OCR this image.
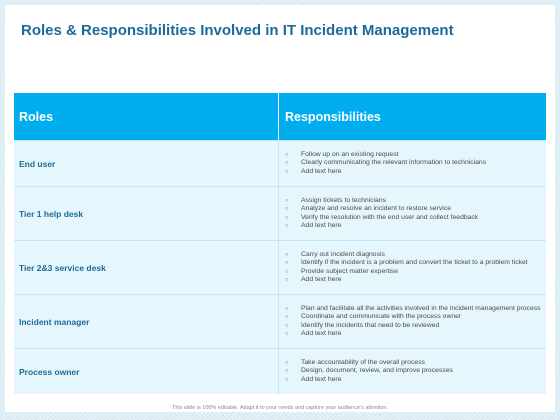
Roles & Responsibilities Involved in IT Incident Management
Roles	Responsibilities
End user
○	Follow up on an existing request
○	Clearly communicating the relevant information to technicians
○	Add text here
Tier 1 help desk
○	Assign tickets to technicians
○	Analyze and resolve an incident to restore service
○	Verify the resolution with the end user and collect feedback
○	Add text here
Tier 2&3 service desk
○	Carry out incident diagnosis
○	Identify if the incident is a problem and convert the ticket to a problem ticket
○	Provide subject matter expertise
○	Add text here
Incident manager
○	Plan and facilitate all the activities involved in the incident management process
○	Coordinate and communicate with the process owner
○	Identify the incidents that need to be reviewed
○	Add text here
Process owner
○	Take accountability of the overall process
○	Design, document, review, and improve processes
○	Add text here
This slide is 100% editable. Adapt it to your needs and capture your audience's attention.
